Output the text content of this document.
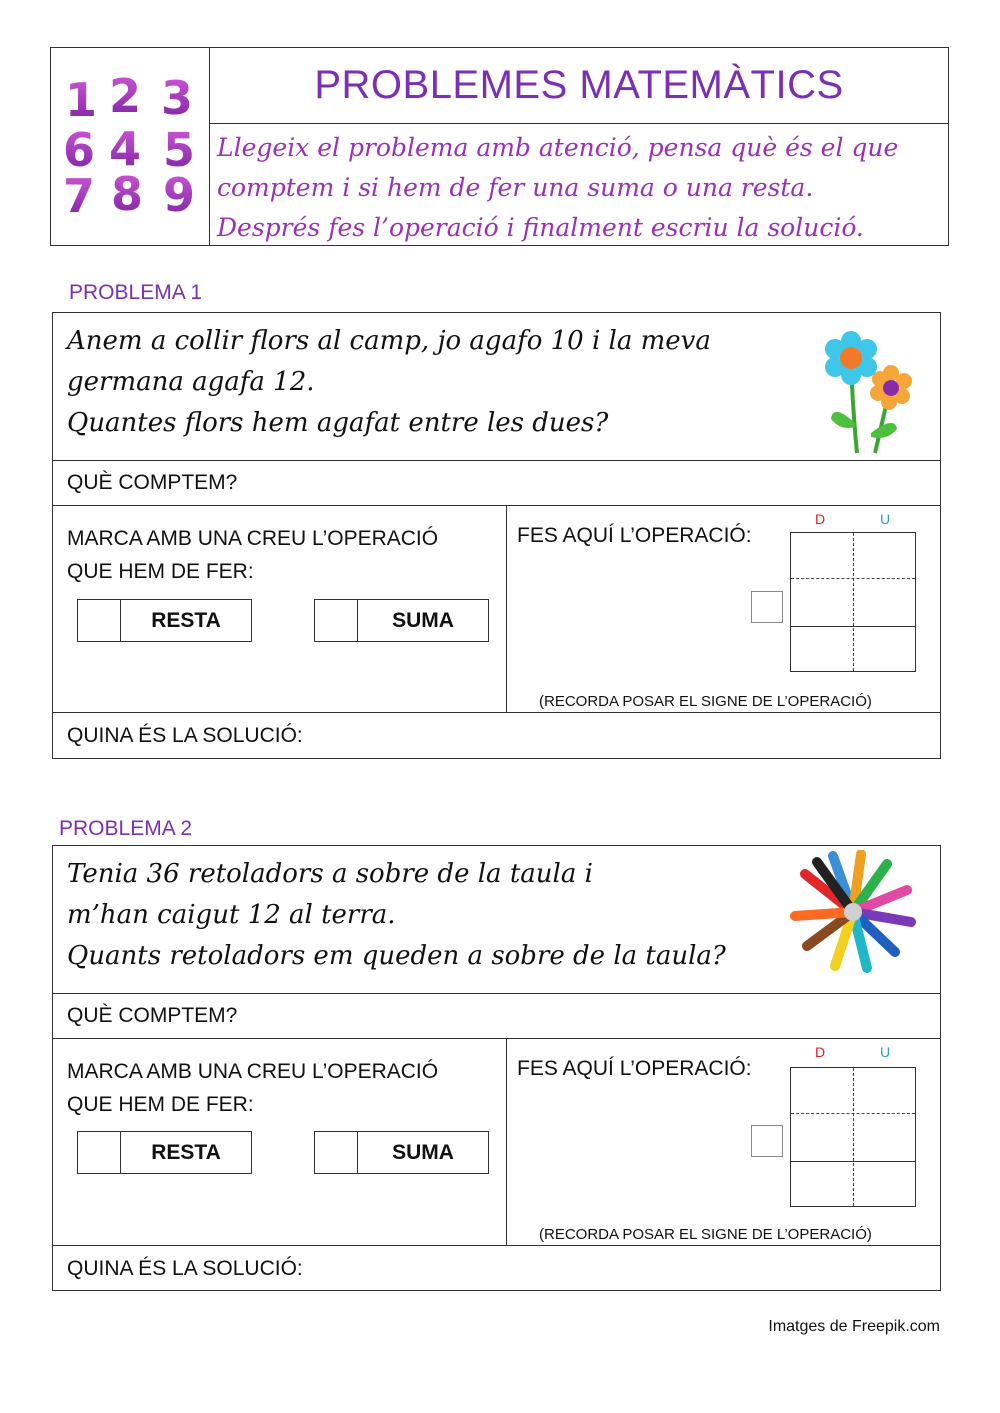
1 2 3
6 4 5
7 8 9
PROBLEMES MATEMÀTICS
Llegeix el problema amb atenció, pensa què és el que
comptem i si hem de fer una suma o una resta.
Després fes l’operació i finalment escriu la solució.
PROBLEMA 1
Anem a collir flors al camp, jo agafo 10 i la meva
germana agafa 12.
Quantes flors hem agafat entre les dues?
QUÈ COMPTEM?
MARCA AMB UNA CREU L’OPERACIÓ
QUE HEM DE FER:
RESTA	SUMA
FES AQUÍ L’OPERACIÓ:
D	U
(RECORDA POSAR EL SIGNE DE L’OPERACIÓ)
QUINA ÉS LA SOLUCIÓ:
PROBLEMA 2
Tenia 36 retoladors a sobre de la taula i
m’han caigut 12 al terra.
Quants retoladors em queden a sobre de la taula?
QUÈ COMPTEM?
MARCA AMB UNA CREU L’OPERACIÓ
QUE HEM DE FER:
RESTA	SUMA
FES AQUÍ L’OPERACIÓ:
D	U
(RECORDA POSAR EL SIGNE DE L’OPERACIÓ)
QUINA ÉS LA SOLUCIÓ:
Imatges de Freepik.com
